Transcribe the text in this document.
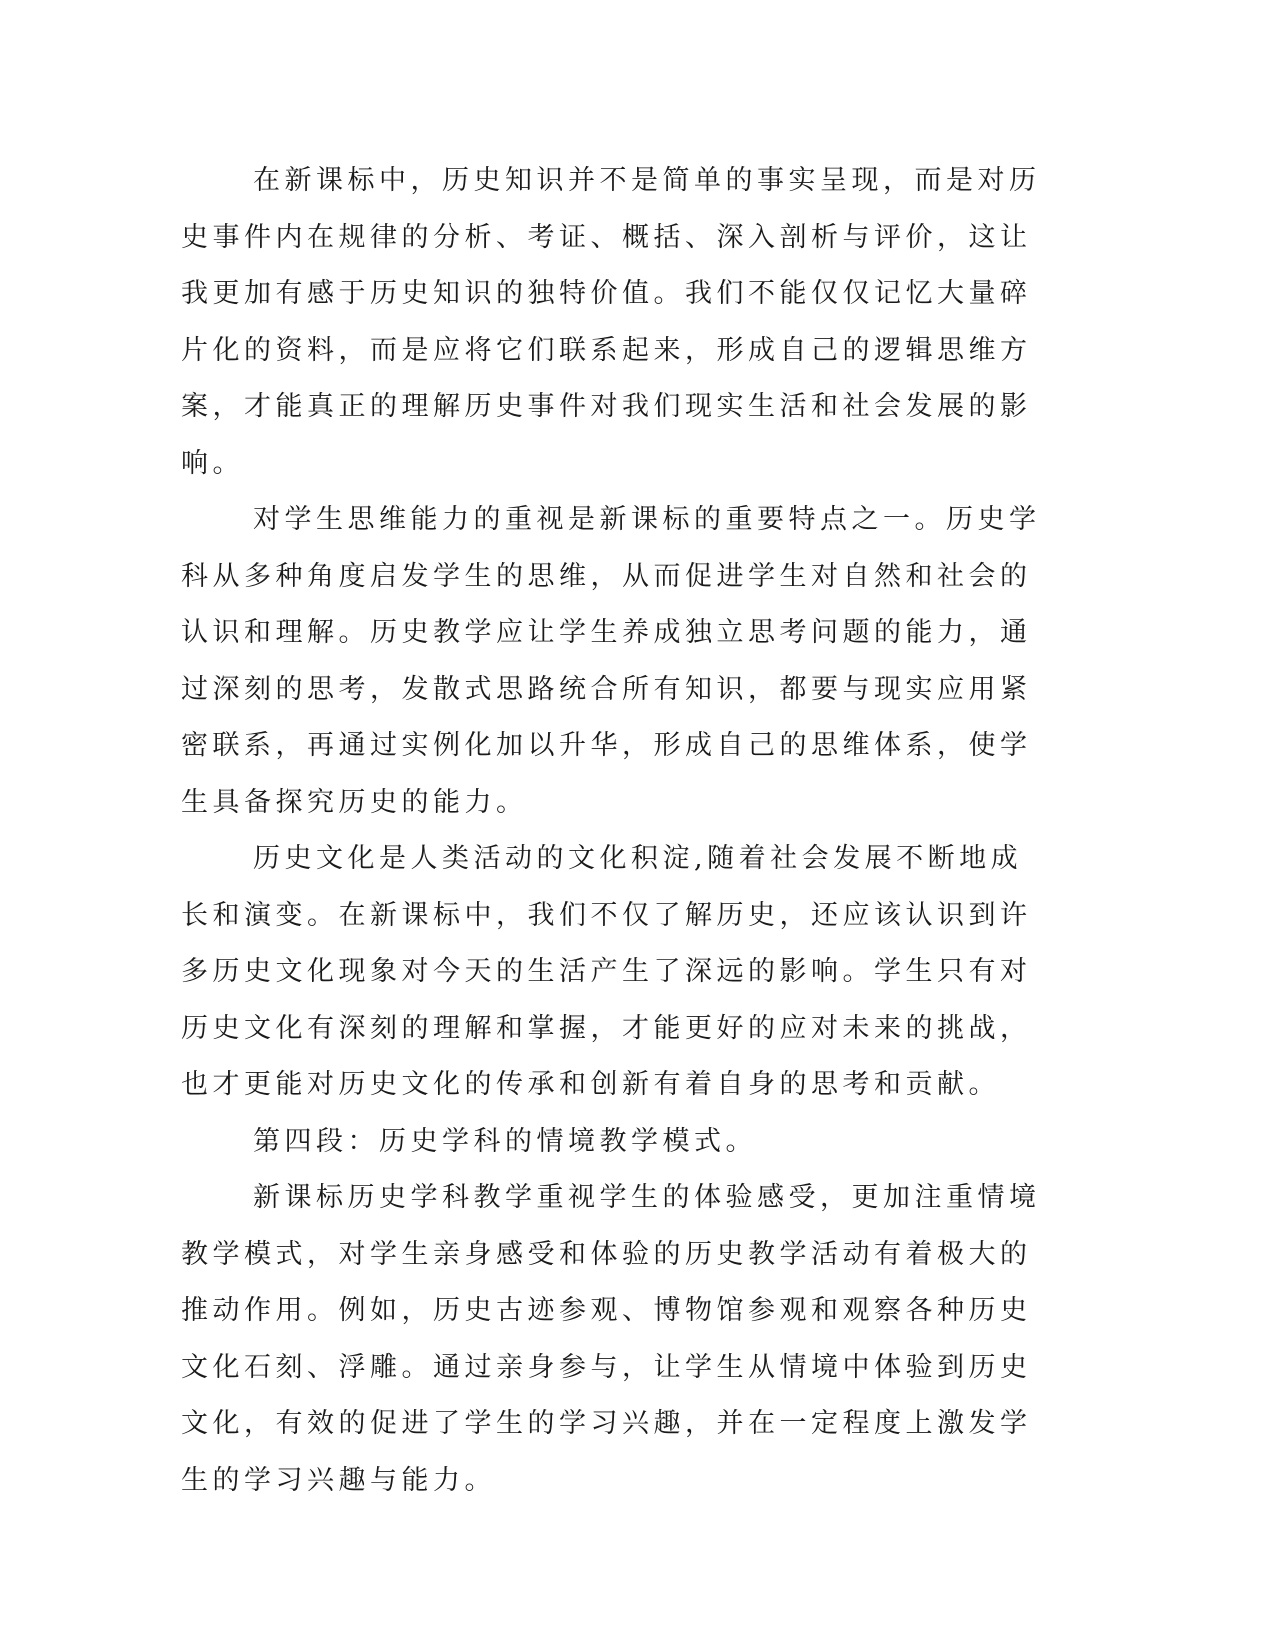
在新课标中，历史知识并不是简单的事实呈现，而是对历史事件内在规律的分析、考证、概括、深入剖析与评价，这让我更加有感于历史知识的独特价值。我们不能仅仅记忆大量碎片化的资料，而是应将它们联系起来，形成自己的逻辑思维方案，才能真正的理解历史事件对我们现实生活和社会发展的影响。

对学生思维能力的重视是新课标的重要特点之一。历史学科从多种角度启发学生的思维，从而促进学生对自然和社会的认识和理解。历史教学应让学生养成独立思考问题的能力，通过深刻的思考，发散式思路统合所有知识，都要与现实应用紧密联系，再通过实例化加以升华，形成自己的思维体系，使学生具备探究历史的能力。

历史文化是人类活动的文化积淀,随着社会发展不断地成长和演变。在新课标中，我们不仅了解历史，还应该认识到许多历史文化现象对今天的生活产生了深远的影响。学生只有对历史文化有深刻的理解和掌握，才能更好的应对未来的挑战，也才更能对历史文化的传承和创新有着自身的思考和贡献。

第四段：历史学科的情境教学模式。

新课标历史学科教学重视学生的体验感受，更加注重情境教学模式，对学生亲身感受和体验的历史教学活动有着极大的推动作用。例如，历史古迹参观、博物馆参观和观察各种历史文化石刻、浮雕。通过亲身参与，让学生从情境中体验到历史文化，有效的促进了学生的学习兴趣，并在一定程度上激发学生的学习兴趣与能力。
